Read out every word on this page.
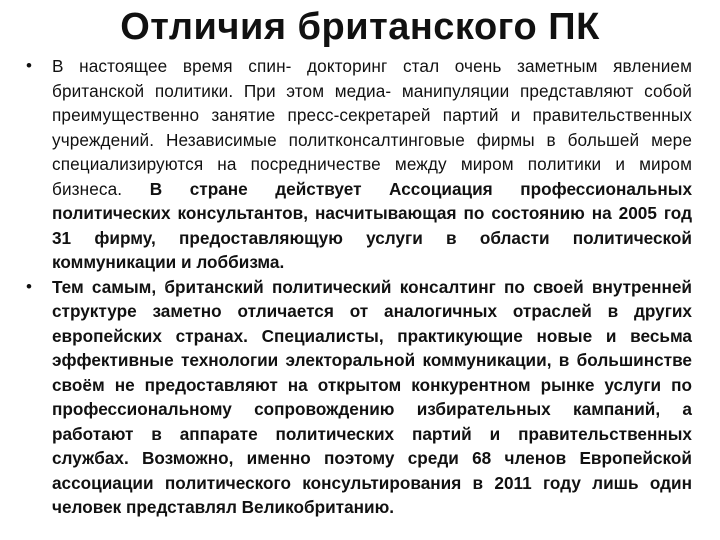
Отличия британского ПК

• В настоящее время спин- докторинг стал очень заметным явлением британской политики. При этом медиа- манипуляции представляют собой преимущественно занятие пресс-секретарей партий и правительственных учреждений. Независимые политконсалтинговые фирмы в большей мере специализируются на посредничестве между миром политики и миром бизнеса. В стране действует Ассоциация профессиональных политических консультантов, насчитывающая по состоянию на 2005 год 31 фирму, предоставляющую услуги в области политической коммуникации и лоббизма.

• Тем самым, британский политический консалтинг по своей внутренней структуре заметно отличается от аналогичных отраслей в других европейских странах. Специалисты, практикующие новые и весьма эффективные технологии электоральной коммуникации, в большинстве своём не предоставляют на открытом конкурентном рынке услуги по профессиональному сопровождению избирательных кампаний, а работают в аппарате политических партий и правительственных службах. Возможно, именно поэтому среди 68 членов Европейской ассоциации политического консультирования в 2011 году лишь один человек представлял Великобританию.
